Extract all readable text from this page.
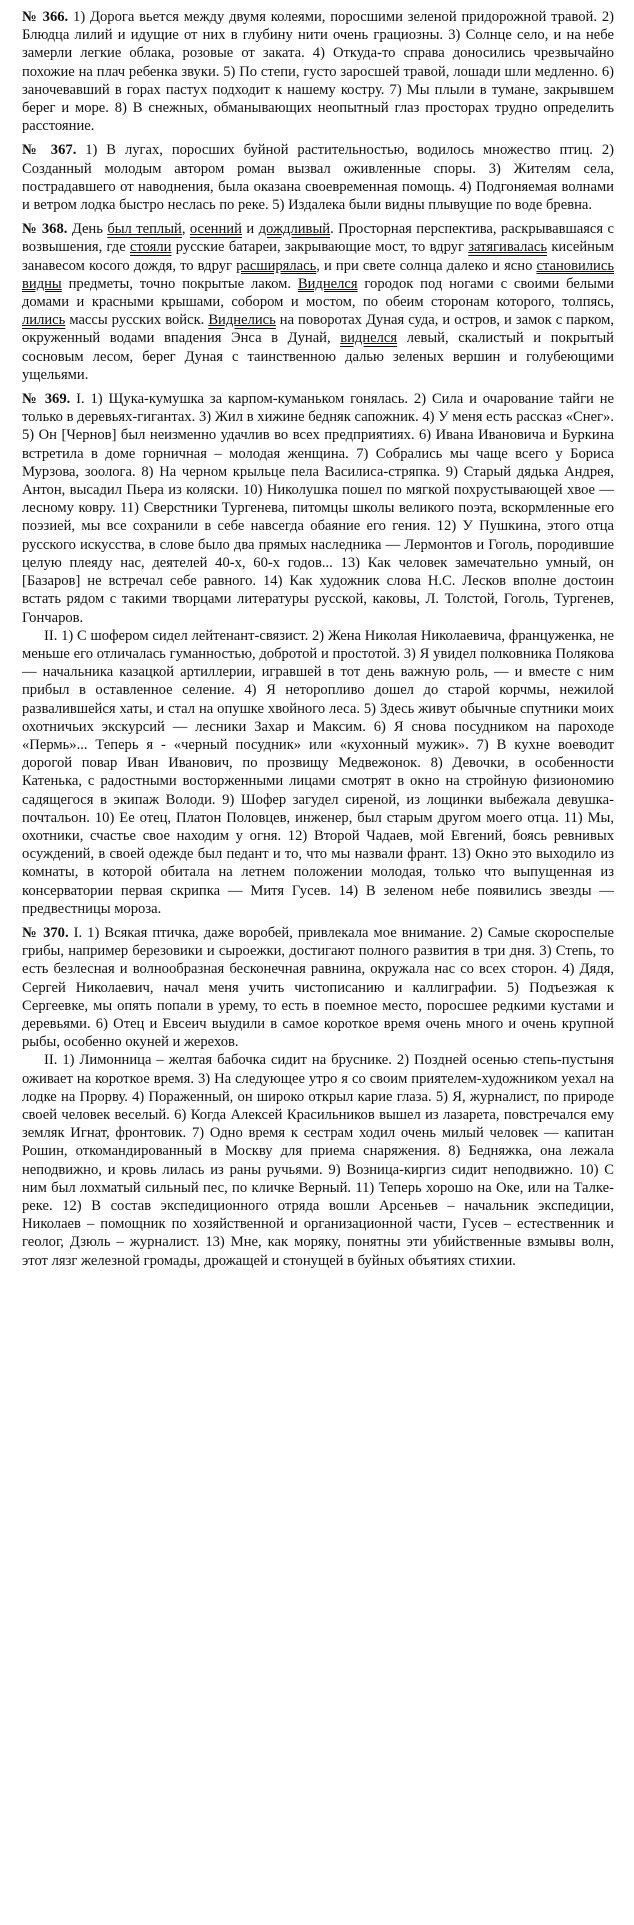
№ 366. 1) Дорога вьется между двумя колеями, поросшими зеленой придорожной травой. 2) Блюдца лилий и идущие от них в глубину нити очень грациозны. 3) Солнце село, и на небе замерли легкие облака, розовые от заката. 4) Откуда-то справа доносились чрезвычайно похожие на плач ребенка звуки. 5) По степи, густо заросшей травой, лошади шли медленно. 6) заночевавший в горах пастух подходит к нашему костру. 7) Мы плыли в тумане, закрывшем берег и море. 8) В снежных, обманывающих неопытный глаз просторах трудно определить расстояние.

№ 367. 1) В лугах, поросших буйной растительностью, водилось множество птиц. 2) Созданный молодым автором роман вызвал оживленные споры. 3) Жителям села, пострадавшего от наводнения, была оказана своевременная помощь. 4) Подгоняемая волнами и ветром лодка быстро неслась по реке. 5) Издалека были видны плывущие по воде бревна.

№ 368. День был теплый, осенний и дождливый. Просторная перспектива, раскрывавшаяся с возвышения, где стояли русские батареи, закрывающие мост, то вдруг затягивалась кисейным занавесом косого дождя, то вдруг расширялась, и при свете солнца далеко и ясно становились видны предметы, точно покрытые лаком. Виднелся городок под ногами с своими белыми домами и красными крышами, собором и мостом, по обеим сторонам которого, толпясь, лились массы русских войск. Виднелись на поворотах Дуная суда, и остров, и замок с парком, окруженный водами впадения Энса в Дунай, виднелся левый, скалистый и покрытый сосновым лесом, берег Дуная с таинственною далью зеленых вершин и голубеющими ущельями.

№ 369. I. 1) Щука-кумушка за карпом-куманьком гонялась. 2) Сила и очарование тайги не только в деревьях-гигантах. 3) Жил в хижине бедняк сапожник. 4) У меня есть рассказ «Снег». 5) Он [Чернов] был неизменно удачлив во всех предприятиях. 6) Ивана Ивановича и Буркина встретила в доме горничная – молодая женщина. 7) Собрались мы чаще всего у Бориса Мурзова, зоолога. 8) На черном крыльце пела Василиса-стряпка. 9) Старый дядька Андрея, Антон, высадил Пьера из коляски. 10) Николушка пошел по мягкой похрустывающей хвое — лесному ковру. 11) Сверстники Тургенева, питомцы школы великого поэта, вскормленные его поэзией, мы все сохранили в себе навсегда обаяние его гения. 12) У Пушкина, этого отца русского искусства, в слове было два прямых наследника — Лермонтов и Гоголь, породившие целую плеяду нас, деятелей 40-х, 60-х годов... 13) Как человек замечательно умный, он [Базаров] не встречал себе равного. 14) Как художник слова Н.С. Лесков вполне достоин встать рядом с такими творцами литературы русской, каковы, Л. Толстой, Гоголь, Тургенев, Гончаров.

II. 1) С шофером сидел лейтенант-связист. 2) Жена Николая Николаевича, француженка, не меньше его отличалась гуманностью, добротой и простотой. 3) Я увидел полковника Полякова — начальника казацкой артиллерии, игравшей в тот день важную роль, — и вместе с ним прибыл в оставленное селение. 4) Я неторопливо дошел до старой корчмы, нежилой развалившейся хаты, и стал на опушке хвойного леса. 5) Здесь живут обычные спутники моих охотничьих экскурсий — лесники Захар и Максим. 6) Я снова посудником на пароходе «Пермь»... Теперь я - «черный посудник» или «кухонный мужик». 7) В кухне воеводит дорогой повар Иван Иванович, по прозвищу Медвежонок. 8) Девочки, в особенности Катенька, с радостными восторженными лицами смотрят в окно на стройную физиономию садящегося в экипаж Володи. 9) Шофер загудел сиреной, из лощинки выбежала девушка-почтальон. 10) Ее отец, Платон Половцев, инженер, был старым другом моего отца. 11) Мы, охотники, счастье свое находим у огня. 12) Второй Чадаев, мой Евгений, боясь ревнивых осуждений, в своей одежде был педант и то, что мы назвали франт. 13) Окно это выходило из комнаты, в которой обитала на летнем положении молодая, только что выпущенная из консерватории первая скрипка — Митя Гусев. 14) В зеленом небе появились звезды — предвестницы мороза.

№ 370. I. 1) Всякая птичка, даже воробей, привлекала мое внимание. 2) Самые скороспелые грибы, например березовики и сыроежки, достигают полного развития в три дня. 3) Степь, то есть безлесная и волнообразная бесконечная равнина, окружала нас со всех сторон. 4) Дядя, Сергей Николаевич, начал меня учить чистописанию и каллиграфии. 5) Подъезжая к Сергеевке, мы опять попали в урему, то есть в поемное место, поросшее редкими кустами и деревьями. 6) Отец и Евсеич выудили в самое короткое время очень много и очень крупной рыбы, особенно окуней и жерехов.

II. 1) Лимонница – желтая бабочка сидит на бруснике. 2) Поздней осенью степь-пустыня оживает на короткое время. 3) На следующее утро я со своим приятелем-художником уехал на лодке на Прорву. 4) Пораженный, он широко открыл карие глаза. 5) Я, журналист, по природе своей человек веселый. 6) Когда Алексей Красильников вышел из лазарета, повстречался ему земляк Игнат, фронтовик. 7) Одно время к сестрам ходил очень милый человек — капитан Рошин, откомандированный в Москву для приема снаряжения. 8) Бедняжка, она лежала неподвижно, и кровь лилась из раны ручьями. 9) Возница-киргиз сидит неподвижно. 10) С ним был лохматый сильный пес, по кличке Верный. 11) Теперь хорошо на Оке, или на Талке-реке. 12) В состав экспедиционного отряда вошли Арсеньев – начальник экспедиции, Николаев – помощник по хозяйственной и организационной части, Гусев – естественник и геолог, Дзюль – журналист. 13) Мне, как моряку, понятны эти убийственные взмывы волн, этот лязг железной громады, дрожащей и стонущей в буйных объятиях стихии.
